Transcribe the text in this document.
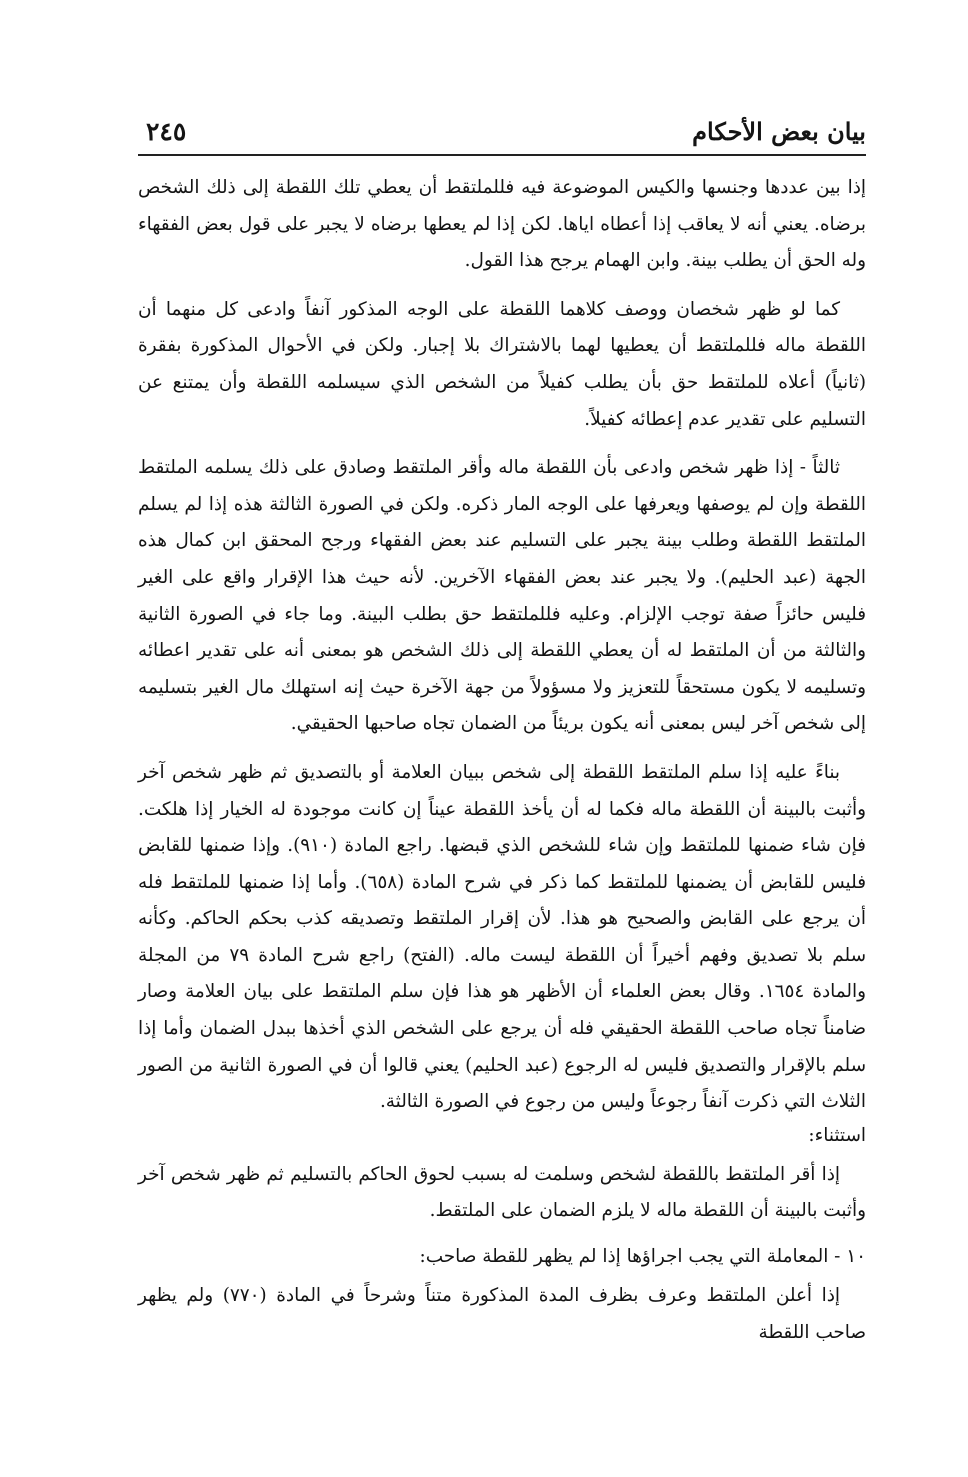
بيان بعض الأحكام
٢٤٥

إذا بين عددها وجنسها والكيس الموضوعة فيه فللملتقط أن يعطي تلك اللقطة إلى ذلك الشخص برضاه. يعني أنه لا يعاقب إذا أعطاه اياها. لكن إذا لم يعطها برضاه لا يجبر على قول بعض الفقهاء وله الحق أن يطلب بينة. وابن الهمام يرجح هذا القول.

كما لو ظهر شخصان ووصف كلاهما اللقطة على الوجه المذكور آنفاً وادعى كل منهما أن اللقطة ماله فللملتقط أن يعطيها لهما بالاشتراك بلا إجبار. ولكن في الأحوال المذكورة بفقرة (ثانياً) أعلاه للملتقط حق بأن يطلب كفيلاً من الشخص الذي سيسلمه اللقطة وأن يمتنع عن التسليم على تقدير عدم إعطائه كفيلاً.

ثالثاً - إذا ظهر شخص وادعى بأن اللقطة ماله وأقر الملتقط وصادق على ذلك يسلمه الملتقط اللقطة وإن لم يوصفها ويعرفها على الوجه المار ذكره. ولكن في الصورة الثالثة هذه إذا لم يسلم الملتقط اللقطة وطلب بينة يجبر على التسليم عند بعض الفقهاء ورجح المحقق ابن كمال هذه الجهة (عبد الحليم). ولا يجبر عند بعض الفقهاء الآخرين. لأنه حيث هذا الإقرار واقع على الغير فليس حائزاً صفة توجب الإلزام. وعليه فللملتقط حق بطلب البينة. وما جاء في الصورة الثانية والثالثة من أن الملتقط له أن يعطي اللقطة إلى ذلك الشخص هو بمعنى أنه على تقدير اعطائه وتسليمه لا يكون مستحقاً للتعزيز ولا مسؤولاً من جهة الآخرة حيث إنه استهلك مال الغير بتسليمه إلى شخص آخر ليس بمعنى أنه يكون بريئاً من الضمان تجاه صاحبها الحقيقي.

بناءً عليه إذا سلم الملتقط اللقطة إلى شخص ببيان العلامة أو بالتصديق ثم ظهر شخص آخر وأثبت بالبينة أن اللقطة ماله فكما له أن يأخذ اللقطة عيناً إن كانت موجودة له الخيار إذا هلكت. فإن شاء ضمنها للملتقط وإن شاء للشخص الذي قبضها. راجع المادة (٩١٠). وإذا ضمنها للقابض فليس للقابض أن يضمنها للملتقط كما ذكر في شرح المادة (٦٥٨). وأما إذا ضمنها للملتقط فله أن يرجع على القابض والصحيح هو هذا. لأن إقرار الملتقط وتصديقه كذب بحكم الحاكم. وكأنه سلم بلا تصديق وفهم أخيراً أن اللقطة ليست ماله. (الفتح) راجع شرح المادة ٧٩ من المجلة والمادة ١٦٥٤. وقال بعض العلماء أن الأظهر هو هذا فإن سلم الملتقط على بيان العلامة وصار ضامناً تجاه صاحب اللقطة الحقيقي فله أن يرجع على الشخص الذي أخذها ببدل الضمان وأما إذا سلم بالإقرار والتصديق فليس له الرجوع (عبد الحليم) يعني قالوا أن في الصورة الثانية من الصور الثلاث التي ذكرت آنفاً رجوعاً وليس من رجوع في الصورة الثالثة.

استثناء:

إذا أقر الملتقط باللقطة لشخص وسلمت له بسبب لحوق الحاكم بالتسليم ثم ظهر شخص آخر وأثبت بالبينة أن اللقطة ماله لا يلزم الضمان على الملتقط.

١٠ - المعاملة التي يجب اجراؤها إذا لم يظهر للقطة صاحب:

إذا أعلن الملتقط وعرف بظرف المدة المذكورة متناً وشرحاً في المادة (٧٧٠) ولم يظهر صاحب اللقطة
